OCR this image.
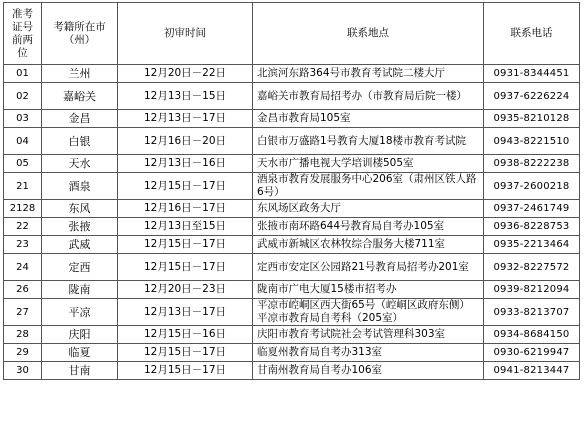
准考证号前两位	考籍所在市（州）	初审时间	联系地点	联系电话
01	兰州	12月20日－22日	北滨河东路364号市教育考试院二楼大厅	0931-8344451
02	嘉峪关	12月13日－15日	嘉峪关市教育局招考办（市教育局后院一楼）	0937-6226224
03	金昌	12月13日－17日	金昌市教育局105室	0935-8210128
04	白银	12月16日－20日	白银市万盛路1号教育大厦18楼市教育考试院	0943-8221510
05	天水	12月13日－16日	天水市广播电视大学培训楼505室	0938-8222238
21	酒泉	12月15日－17日	酒泉市教育发展服务中心206室（肃州区铁人路6号）	0937-2600218
2128	东风	12月16日－17日	东风场区政务大厅	0937-2461749
22	张掖	12月13日至15日	张掖市南环路644号教育局自考办105室	0936-8228753
23	武威	12月15日－17日	武威市新城区农林牧综合服务大楼711室	0935-2213464
24	定西	12月15日－17日	定西市安定区公园路21号教育局招考办201室	0932-8227572
26	陇南	12月20日－23日	陇南市广电大厦15楼市招考办	0939-8212094
27	平凉	12月13日－17日	平凉市崆峒区西大街65号（崆峒区政府东侧）平凉市教育局自考科（205室）	0933-8213707
28	庆阳	12月15日－16日	庆阳市教育考试院社会考试管理科303室	0934-8684150
29	临夏	12月15日－17日	临夏州教育局自考办313室	0930-6219947
30	甘南	12月15日－17日	甘南州教育局自考办106室	0941-8213447
